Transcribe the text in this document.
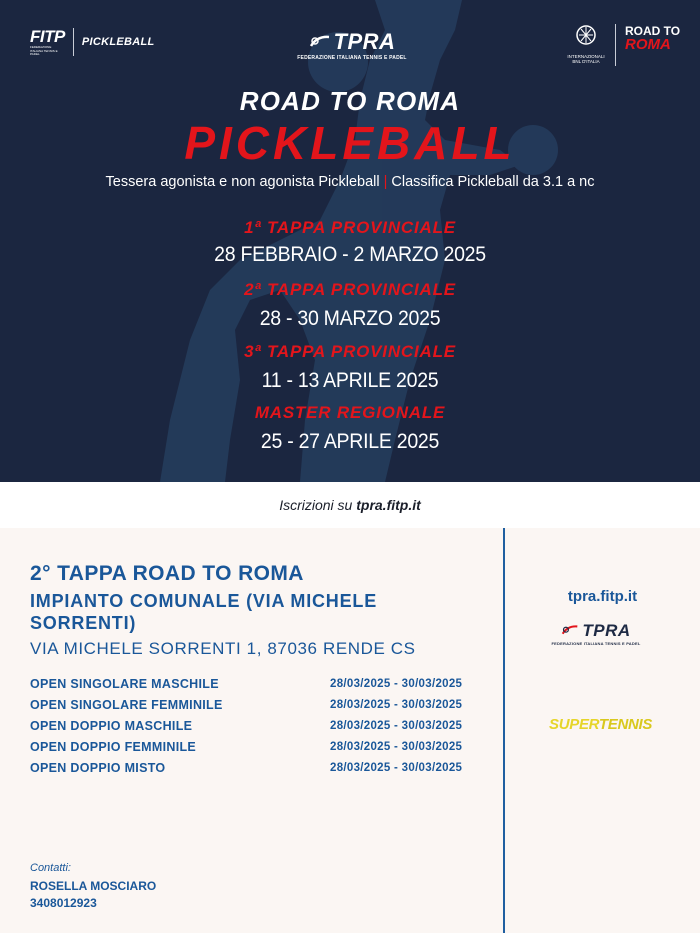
FITP
FEDERAZIONE ITALIANA TENNIS E PADEL
PICKLEBALL	TPRA
FEDERAZIONE ITALIANA TENNIS E PADEL	INTERNAZIONALI BNL D'ITALIA
ROAD TO
ROMA
ROAD TO ROMA
PICKLEBALL
Tessera agonista e non agonista Pickleball | Classifica Pickleball da 3.1 a nc
1ª TAPPA PROVINCIALE
28 FEBBRAIO - 2 MARZO 2025
2ª TAPPA PROVINCIALE
28 - 30 MARZO 2025
3ª TAPPA PROVINCIALE
11 - 13 APRILE 2025
MASTER REGIONALE
25 - 27 APRILE 2025
Iscrizioni su tpra.fitp.it
2° TAPPA ROAD TO ROMA
IMPIANTO COMUNALE (VIA MICHELE SORRENTI)
VIA MICHELE SORRENTI 1, 87036 RENDE CS
OPEN SINGOLARE MASCHILE	28/03/2025 - 30/03/2025
OPEN SINGOLARE FEMMINILE	28/03/2025 - 30/03/2025
OPEN DOPPIO MASCHILE	28/03/2025 - 30/03/2025
OPEN DOPPIO FEMMINILE	28/03/2025 - 30/03/2025
OPEN DOPPIO MISTO	28/03/2025 - 30/03/2025
Contatti:
ROSELLA MOSCIARO
3408012923
tpra.fitp.it
TPRA
FEDERAZIONE ITALIANA TENNIS E PADEL
SUPERTENNIS
